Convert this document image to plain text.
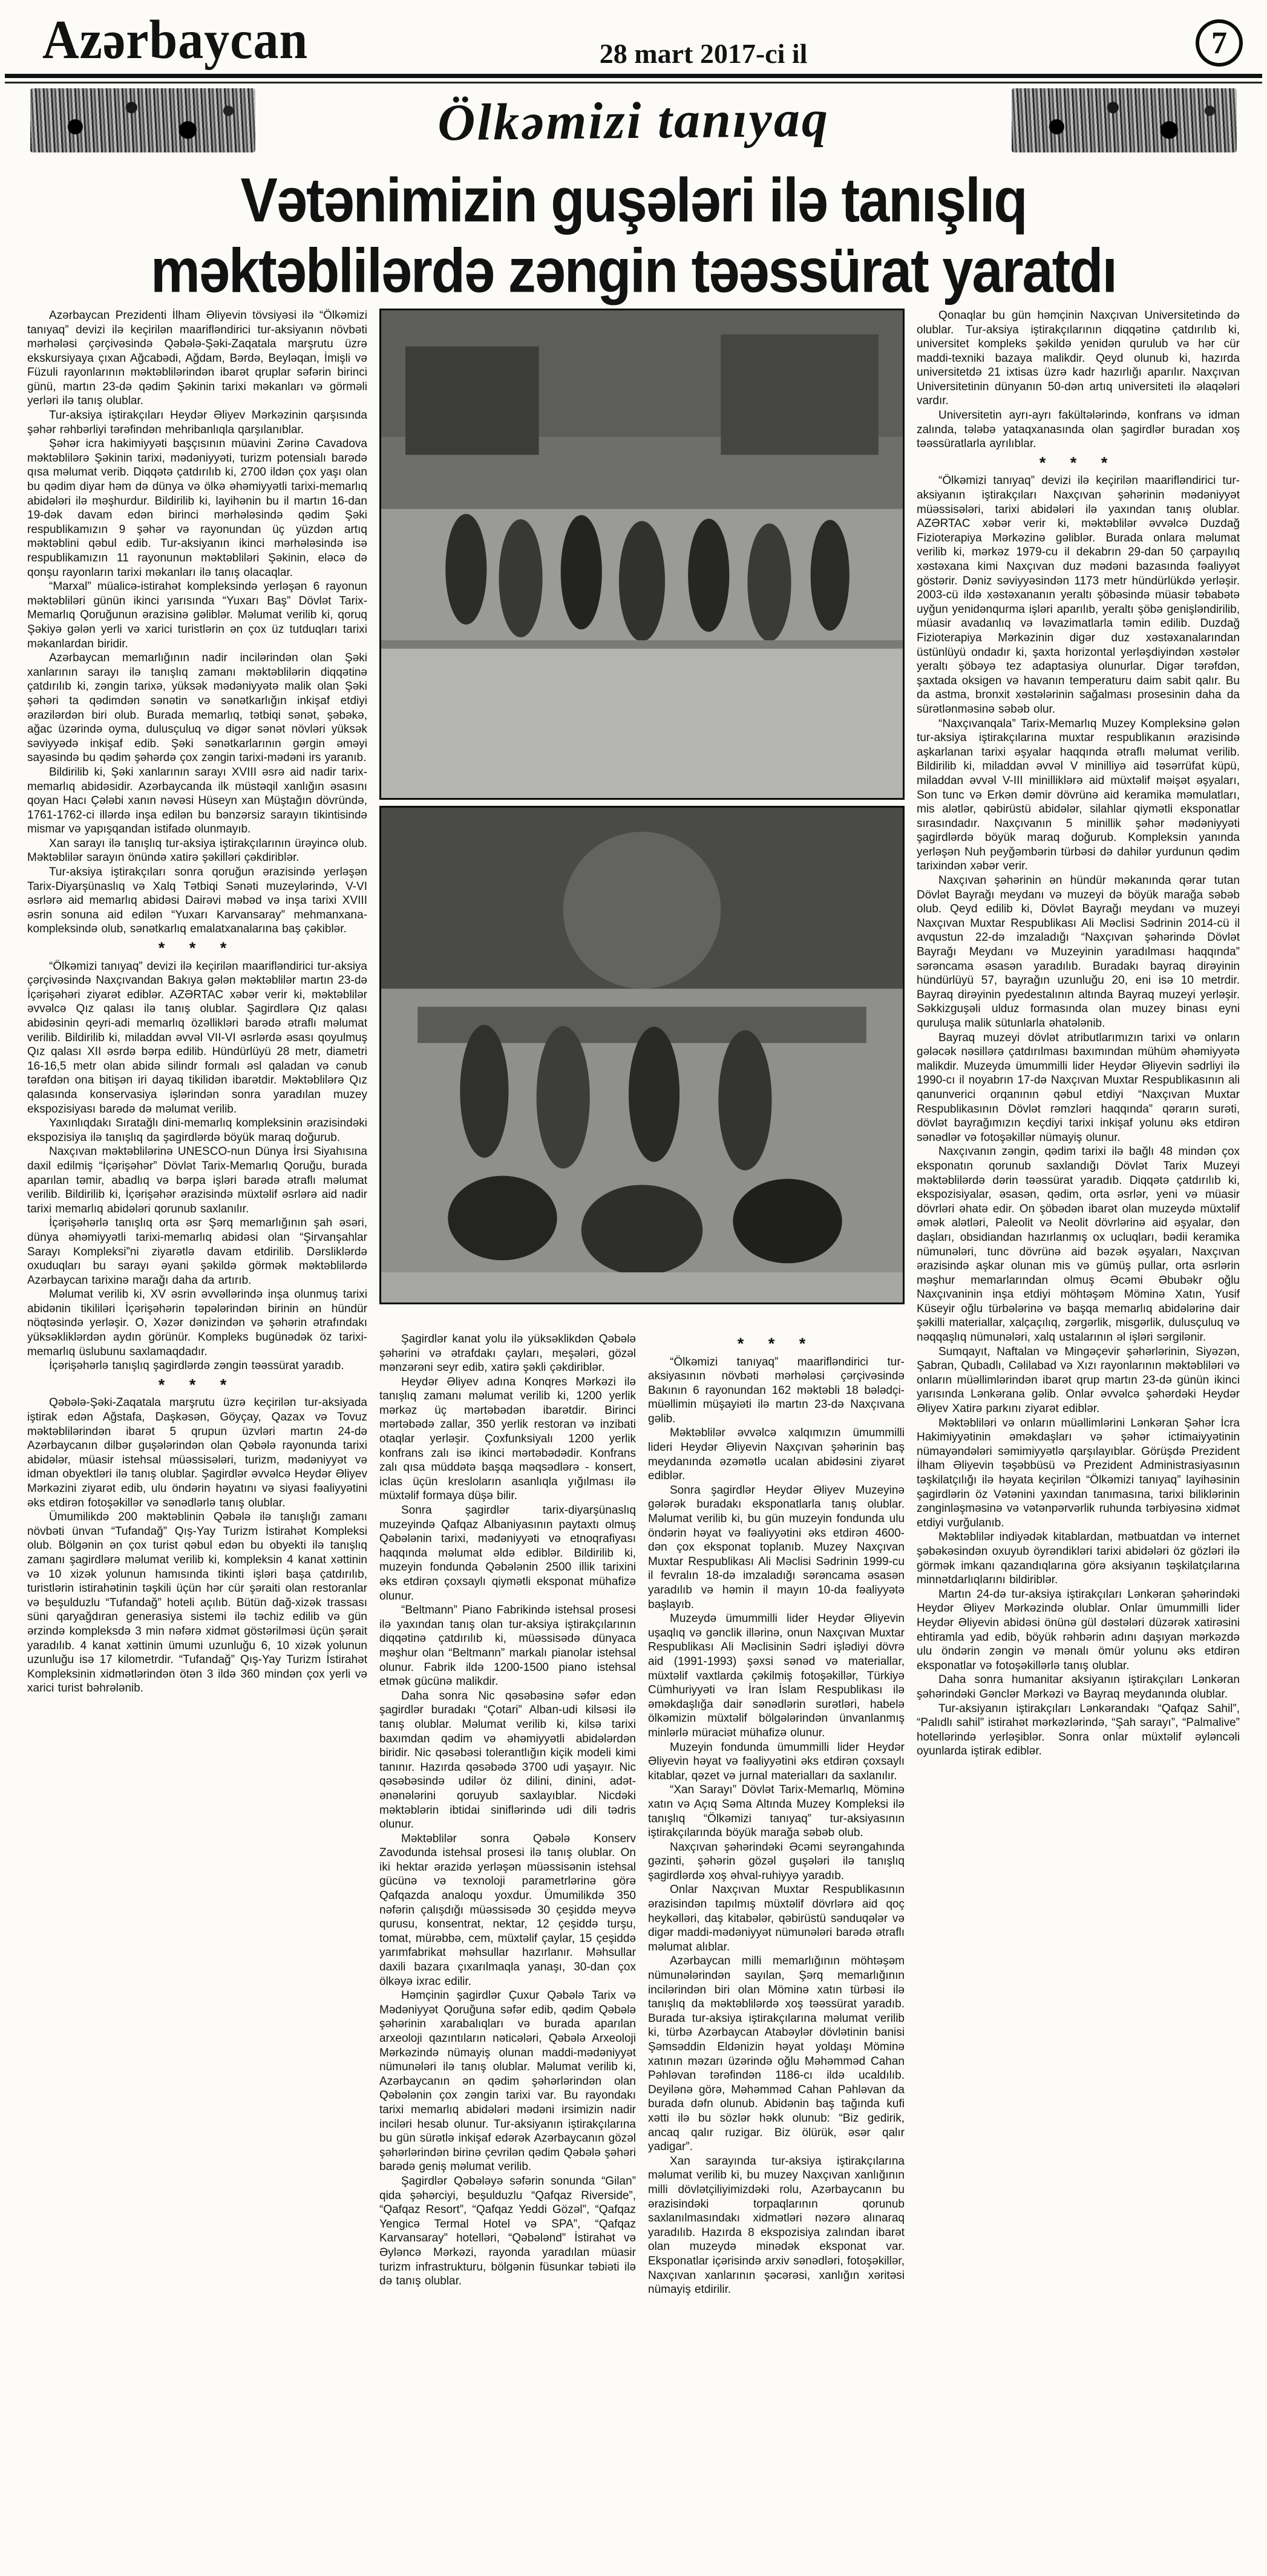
Azərbaycan	28 mart 2017-ci il	7
Ölkəmizi tanıyaq
Vətənimizin guşələri ilə tanışlıq
məktəblilərdə zəngin təəssürat yaratdı

Azərbaycan Prezidenti İlham Əliyevin tövsiyəsi ilə “Ölkəmizi tanıyaq” devizi ilə keçirilən maarifləndirici tur-aksiyanın növbəti mərhələsi çərçivəsində Qəbələ-Şəki-Zaqatala marşrutu üzrə ekskursiyaya çıxan Ağcabədi, Ağdam, Bərdə, Beyləqan, İmişli və Füzuli rayonlarının məktəblilərindən ibarət qruplar səfərin birinci günü, martın 23-də qədim Şəkinin tarixi məkanları və görməli yerləri ilə tanış olublar.

Tur-aksiya iştirakçıları Heydər Əliyev Mərkəzinin qarşısında şəhər rəhbərliyi tərəfindən mehribanlıqla qarşılanıblar.

Şəhər icra hakimiyyəti başçısının müavini Zərinə Cavadova məktəblilərə Şəkinin tarixi, mədəniyyəti, turizm potensialı barədə qısa məlumat verib. Diqqətə çatdırılıb ki, 2700 ildən çox yaşı olan bu qədim diyar həm də dünya və ölkə əhəmiyyətli tarixi-memarlıq abidələri ilə məşhurdur. Bildirilib ki, layihənin bu il martın 16-dan 19-dək davam edən birinci mərhələsində qədim Şəki respublikamızın 9 şəhər və rayonundan üç yüzdən artıq məktəblini qəbul edib. Tur-aksiyanın ikinci mərhələsində isə respublikamızın 11 rayonunun məktəbliləri Şəkinin, eləcə də qonşu rayonların tarixi məkanları ilə tanış olacaqlar.

“Marxal” müalicə-istirahət kompleksində yerləşən 6 rayonun məktəbliləri günün ikinci yarısında “Yuxarı Baş” Dövlət Tarix-Memarlıq Qoruğunun ərazisinə gəliblər. Məlumat verilib ki, qoruq Şəkiyə gələn yerli və xarici turistlərin ən çox üz tutduqları tarixi məkanlardan biridir.

Azərbaycan memarlığının nadir incilərindən olan Şəki xanlarının sarayı ilə tanışlıq zamanı məktəblilərin diqqətinə çatdırılıb ki, zəngin tarixə, yüksək mədəniyyətə malik olan Şəki şəhəri ta qədimdən sənətin və sənətkarlığın inkişaf etdiyi ərazilərdən biri olub. Burada memarlıq, tətbiqi sənət, şəbəkə, ağac üzərində oyma, dulusçuluq və digər sənət növləri yüksək səviyyədə inkişaf edib. Şəki sənətkarlarının gərgin əməyi sayəsində bu qədim şəhərdə çox zəngin tarixi-mədəni irs yaranıb.

Bildirilib ki, Şəki xanlarının sarayı XVIII əsrə aid nadir tarix-memarlıq abidəsidir. Azərbaycanda ilk müstəqil xanlığın əsasını qoyan Hacı Çələbi xanın nəvəsi Hüseyn xan Müştağın dövründə, 1761-1762-ci illərdə inşa edilən bu bənzərsiz sarayın tikintisində mismar və yapışqandan istifadə olunmayıb.

Xan sarayı ilə tanışlıq tur-aksiya iştirakçılarının ürəyincə olub. Məktəblilər sarayın önündə xatirə şəkilləri çəkdiriblər.

Tur-aksiya iştirakçıları sonra qoruğun ərazisində yerləşən Tarix-Diyarşünaslıq və Xalq Tətbiqi Sənəti muzeylərində, V-VI əsrlərə aid memarlıq abidəsi Dairəvi məbəd və inşa tarixi XVIII əsrin sonuna aid edilən “Yuxarı Karvansaray” mehmanxana-kompleksində olub, sənətkarlıq emalatxanalarına baş çəkiblər.

* * *

“Ölkəmizi tanıyaq” devizi ilə keçirilən maarifləndirici tur-aksiya çərçivəsində Naxçıvandan Bakıya gələn məktəblilər martın 23-də İçərişəhəri ziyarət ediblər. AZƏRTAC xəbər verir ki, məktəblilər əvvəlcə Qız qalası ilə tanış olublar. Şagirdlərə Qız qalası abidəsinin qeyri-adi memarlıq özəllikləri barədə ətraflı məlumat verilib. Bildirilib ki, miladdan əvvəl VII-VI əsrlərdə əsası qoyulmuş Qız qalası XII əsrdə bərpa edilib. Hündürlüyü 28 metr, diametri 16-16,5 metr olan abidə silindr formalı əsl qaladan və cənub tərəfdən ona bitişən iri dayaq tikilidən ibarətdir. Məktəblilərə Qız qalasında konservasiya işlərindən sonra yaradılan muzey ekspozisiyası barədə də məlumat verilib.

Yaxınlıqdakı Sıratağlı dini-memarlıq kompleksinin ərazisindəki ekspozisiya ilə tanışlıq da şagirdlərdə böyük maraq doğurub.

Naxçıvan məktəblilərinə UNESCO-nun Dünya İrsi Siyahısına daxil edilmiş “İçərişəhər” Dövlət Tarix-Memarlıq Qoruğu, burada aparılan təmir, abadlıq və bərpa işləri barədə ətraflı məlumat verilib. Bildirilib ki, İçərişəhər ərazisində müxtəlif əsrlərə aid nadir tarixi memarlıq abidələri qorunub saxlanılır.

İçərişəhərlə tanışlıq orta əsr Şərq memarlığının şah əsəri, dünya əhəmiyyətli tarixi-memarlıq abidəsi olan “Şirvanşahlar Sarayı Kompleksi”ni ziyarətlə davam etdirilib. Dərsliklərdə oxuduqları bu sarayı əyani şəkildə görmək məktəblilərdə Azərbaycan tarixinə marağı daha da artırıb.

Məlumat verilib ki, XV əsrin əvvəllərində inşa olunmuş tarixi abidənin tikililəri İçərişəhərin təpələrindən birinin ən hündür nöqtəsində yerləşir. O, Xəzər dənizindən və şəhərin ətrafındakı yüksəkliklərdən aydın görünür. Kompleks bugünədək öz tarixi-memarlıq üslubunu saxlamaqdadır.

İçərişəhərlə tanışlıq şagirdlərdə zəngin təəssürat yaradıb.

* * *

Qəbələ-Şəki-Zaqatala marşrutu üzrə keçirilən tur-aksiyada iştirak edən Ağstafa, Daşkəsən, Göyçay, Qazax və Tovuz məktəblilərindən ibarət 5 qrupun üzvləri martın 24-də Azərbaycanın dilbər guşələrindən olan Qəbələ rayonunda tarixi abidələr, müasir istehsal müəssisələri, turizm, mədəniyyət və idman obyektləri ilə tanış olublar. Şagirdlər əvvəlcə Heydər Əliyev Mərkəzini ziyarət edib, ulu öndərin həyatını və siyasi fəaliyyətini əks etdirən fotoşəkillər və sənədlərlə tanış olublar.

Ümumilikdə 200 məktəblinin Qəbələ ilə tanışlığı zamanı növbəti ünvan “Tufandağ” Qış-Yay Turizm İstirahət Kompleksi olub. Bölgənin ən çox turist qəbul edən bu obyekti ilə tanışlıq zamanı şagirdlərə məlumat verilib ki, kompleksin 4 kanat xəttinin və 10 xizək yolunun hamısında tikinti işləri başa çatdırılıb, turistlərin istirahətinin təşkili üçün hər cür şəraiti olan restoranlar və beşulduzlu “Tufandağ” hoteli açılıb. Bütün dağ-xizək trassası süni qaryağdıran generasiya sistemi ilə təchiz edilib və gün ərzində kompleksdə 3 min nəfərə xidmət göstərilməsi üçün şərait yaradılıb. 4 kanat xəttinin ümumi uzunluğu 6, 10 xizək yolunun uzunluğu isə 17 kilometrdir. “Tufandağ” Qış-Yay Turizm İstirahət Kompleksinin xidmətlərindən ötən 3 ildə 360 mindən çox yerli və xarici turist bəhrələnib.

Şagirdlər kanat yolu ilə yüksəklikdən Qəbələ şəhərini və ətrafdakı çayları, meşələri, gözəl mənzərəni seyr edib, xatirə şəkli çəkdiriblər.

Heydər Əliyev adına Konqres Mərkəzi ilə tanışlıq zamanı məlumat verilib ki, 1200 yerlik mərkəz üç mərtəbədən ibarətdir. Birinci mərtəbədə zallar, 350 yerlik restoran və inzibati otaqlar yerləşir. Çoxfunksiyalı 1200 yerlik konfrans zalı isə ikinci mərtəbədədir. Konfrans zalı qısa müddətə başqa məqsədlərə - konsert, iclas üçün kresloların asanlıqla yığılması ilə müxtəlif formaya düşə bilir.

Sonra şagirdlər tarix-diyarşünaslıq muzeyində Qafqaz Albaniyasının paytaxtı olmuş Qəbələnin tarixi, mədəniyyəti və etnoqrafiyası haqqında məlumat əldə ediblər. Bildirilib ki, muzeyin fondunda Qəbələnin 2500 illik tarixini əks etdirən çoxsaylı qiymətli eksponat mühafizə olunur.

“Beltmann” Piano Fabrikində istehsal prosesi ilə yaxından tanış olan tur-aksiya iştirakçılarının diqqətinə çatdırılıb ki, müəssisədə dünyaca məşhur olan “Beltmann” markalı pianolar istehsal olunur. Fabrik ildə 1200-1500 piano istehsal etmək gücünə malikdir.

Daha sonra Nic qəsəbəsinə səfər edən şagirdlər buradakı “Çotari” Alban-udi kilsəsi ilə tanış olublar. Məlumat verilib ki, kilsə tarixi baxımdan qədim və əhəmiyyətli abidələrdən biridir. Nic qəsəbəsi tolerantlığın kiçik modeli kimi tanınır. Hazırda qəsəbədə 3700 udi yaşayır. Nic qəsəbəsində udilər öz dilini, dinini, adət-ənənələrini qoruyub saxlayıblar. Nicdəki məktəblərin ibtidai siniflərində udi dili tədris olunur.

Məktəblilər sonra Qəbələ Konserv Zavodunda istehsal prosesi ilə tanış olublar. On iki hektar ərazidə yerləşən müəssisənin istehsal gücünə və texnoloji parametrlərinə görə Qafqazda analoqu yoxdur. Ümumilikdə 350 nəfərin çalışdığı müəssisədə 30 çeşiddə meyvə qurusu, konsentrat, nektar, 12 çeşiddə turşu, tomat, mürəbbə, cem, müxtəlif çaylar, 15 çeşiddə yarımfabrikat məhsullar hazırlanır. Məhsullar daxili bazara çıxarılmaqla yanaşı, 30-dan çox ölkəyə ixrac edilir.

Həmçinin şagirdlər Çuxur Qəbələ Tarix və Mədəniyyət Qoruğuna səfər edib, qədim Qəbələ şəhərinin xarabalıqları və burada aparılan arxeoloji qazıntıların nəticələri, Qəbələ Arxeoloji Mərkəzində nümayiş olunan maddi-mədəniyyət nümunələri ilə tanış olublar. Məlumat verilib ki, Azərbaycanın ən qədim şəhərlərindən olan Qəbələnin çox zəngin tarixi var. Bu rayondakı tarixi memarlıq abidələri mədəni irsimizin nadir inciləri hesab olunur. Tur-aksiyanın iştirakçılarına bu gün sürətlə inkişaf edərək Azərbaycanın gözəl şəhərlərindən birinə çevrilən qədim Qəbələ şəhəri barədə geniş məlumat verilib.

Şagirdlər Qəbələyə səfərin sonunda “Gilan” qida şəhərciyi, beşulduzlu “Qafqaz Riverside”, “Qafqaz Resort”, “Qafqaz Yeddi Gözəl”, “Qafqaz Yengicə Termal Hotel və SPA”, “Qafqaz Karvansaray” hotelləri, “Qəbələnd” İstirahət və Əyləncə Mərkəzi, rayonda yaradılan müasir turizm infrastrukturu, bölgənin füsunkar təbiəti ilə də tanış olublar.

* * *

“Ölkəmizi tanıyaq” maarifləndirici tur-aksiyasının növbəti mərhələsi çərçivəsində Bakının 6 rayonundan 162 məktəbli 18 bələdçi-müəllimin müşayiəti ilə martın 23-də Naxçıvana gəlib.

Məktəblilər əvvəlcə xalqımızın ümummilli lideri Heydər Əliyevin Naxçıvan şəhərinin baş meydanında əzəmətlə ucalan abidəsini ziyarət ediblər.

Sonra şagirdlər Heydər Əliyev Muzeyinə gələrək buradakı eksponatlarla tanış olublar. Məlumat verilib ki, bu gün muzeyin fondunda ulu öndərin həyat və fəaliyyətini əks etdirən 4600-dən çox eksponat toplanıb. Muzey Naxçıvan Muxtar Respublikası Ali Məclisi Sədrinin 1999-cu il fevralın 18-də imzaladığı sərəncama əsasən yaradılıb və həmin il mayın 10-da fəaliyyətə başlayıb.

Muzeydə ümummilli lider Heydər Əliyevin uşaqlıq və gənclik illərinə, onun Naxçıvan Muxtar Respublikası Ali Məclisinin Sədri işlədiyi dövrə aid (1991-1993) şəxsi sənəd və materiallar, müxtəlif vaxtlarda çəkilmiş fotoşəkillər, Türkiyə Cümhuriyyəti və İran İslam Respublikası ilə əməkdaşlığa dair sənədlərin surətləri, habelə ölkəmizin müxtəlif bölgələrindən ünvanlanmış minlərlə müraciət mühafizə olunur.

Muzeyin fondunda ümummilli lider Heydər Əliyevin həyat və fəaliyyətini əks etdirən çoxsaylı kitablar, qəzet və jurnal materialları da saxlanılır.

“Xan Sarayı” Dövlət Tarix-Memarlıq, Möminə xatın və Açıq Səma Altında Muzey Kompleksi ilə tanışlıq “Ölkəmizi tanıyaq” tur-aksiyasının iştirakçılarında böyük marağa səbəb olub.

Naxçıvan şəhərindəki Əcəmi seyrəngahında gəzinti, şəhərin gözəl guşələri ilə tanışlıq şagirdlərdə xoş əhval-ruhiyyə yaradıb.

Onlar Naxçıvan Muxtar Respublikasının ərazisindən tapılmış müxtəlif dövrlərə aid qoç heykəlləri, daş kitabələr, qəbirüstü sənduqələr və digər maddi-mədəniyyət nümunələri barədə ətraflı məlumat alıblar.

Azərbaycan milli memarlığının möhtəşəm nümunələrindən sayılan, Şərq memarlığının incilərindən biri olan Möminə xatın türbəsi ilə tanışlıq da məktəblilərdə xoş təəssürat yaradıb. Burada tur-aksiya iştirakçılarına məlumat verilib ki, türbə Azərbaycan Atabəylər dövlətinin banisi Şəmsəddin Eldənizin həyat yoldaşı Möminə xatının məzarı üzərində oğlu Məhəmməd Cahan Pəhləvan tərəfindən 1186-cı ildə ucaldılıb. Deyilənə görə, Məhəmməd Cahan Pəhləvan da burada dəfn olunub. Abidənin baş tağında kufi xətti ilə bu sözlər həkk olunub: “Biz gedirik, ancaq qalır ruzigar. Biz ölürük, əsər qalır yadigar”.

Xan sarayında tur-aksiya iştirakçılarına məlumat verilib ki, bu muzey Naxçıvan xanlığının milli dövlətçiliyimizdəki rolu, Azərbaycanın bu ərazisindəki torpaqlarının qorunub saxlanılmasındakı xidmətləri nəzərə alınaraq yaradılıb. Hazırda 8 ekspozisiya zalından ibarət olan muzeydə minədək eksponat var. Eksponatlar içərisində arxiv sənədləri, fotoşəkillər, Naxçıvan xanlarının şəcərəsi, xanlığın xəritəsi nümayiş etdirilir.

Qonaqlar bu gün həmçinin Naxçıvan Universitetində də olublar. Tur-aksiya iştirakçılarının diqqətinə çatdırılıb ki, universitet kompleks şəkildə yenidən qurulub və hər cür maddi-texniki bazaya malikdir. Qeyd olunub ki, hazırda universitetdə 21 ixtisas üzrə kadr hazırlığı aparılır. Naxçıvan Universitetinin dünyanın 50-dən artıq universiteti ilə əlaqələri vardır.

Universitetin ayrı-ayrı fakültələrində, konfrans və idman zalında, tələbə yataqxanasında olan şagirdlər buradan xoş təəssüratlarla ayrılıblar.

* * *

“Ölkəmizi tanıyaq” devizi ilə keçirilən maarifləndirici tur-aksiyanın iştirakçıları Naxçıvan şəhərinin mədəniyyət müəssisələri, tarixi abidələri ilə yaxından tanış olublar. AZƏRTAC xəbər verir ki, məktəblilər əvvəlcə Duzdağ Fizioterapiya Mərkəzinə gəliblər. Burada onlara məlumat verilib ki, mərkəz 1979-cu il dekabrın 29-dan 50 çarpayılıq xəstəxana kimi Naxçıvan duz mədəni bazasında fəaliyyət göstərir. Dəniz səviyyəsindən 1173 metr hündürlükdə yerləşir. 2003-cü ildə xəstəxananın yeraltı şöbəsində müasir təbabətə uyğun yenidənqurma işləri aparılıb, yeraltı şöbə genişləndirilib, müasir avadanlıq və ləvazimatlarla təmin edilib. Duzdağ Fizioterapiya Mərkəzinin digər duz xəstəxanalarından üstünlüyü ondadır ki, şaxta horizontal yerləşdiyindən xəstələr yeraltı şöbəyə tez adaptasiya olunurlar. Digər tərəfdən, şaxtada oksigen və havanın temperaturu daim sabit qalır. Bu da astma, bronxit xəstələrinin sağalması prosesinin daha da sürətlənməsinə səbəb olur.

“Naxçıvanqala” Tarix-Memarlıq Muzey Kompleksinə gələn tur-aksiya iştirakçılarına muxtar respublikanın ərazisində aşkarlanan tarixi əşyalar haqqında ətraflı məlumat verilib. Bildirilib ki, miladdan əvvəl V minilliyə aid təsərrüfat küpü, miladdan əvvəl V-III minilliklərə aid müxtəlif məişət əşyaları, Son tunc və Erkən dəmir dövrünə aid keramika məmulatları, mis alətlər, qəbirüstü abidələr, silahlar qiymətli eksponatlar sırasındadır. Naxçıvanın 5 minillik şəhər mədəniyyəti şagirdlərdə böyük maraq doğurub. Kompleksin yanında yerləşən Nuh peyğəmbərin türbəsi də dahilər yurdunun qədim tarixindən xəbər verir.

Naxçıvan şəhərinin ən hündür məkanında qərar tutan Dövlət Bayrağı meydanı və muzeyi də böyük marağa səbəb olub. Qeyd edilib ki, Dövlət Bayrağı meydanı və muzeyi Naxçıvan Muxtar Respublikası Ali Məclisi Sədrinin 2014-cü il avqustun 22-də imzaladığı “Naxçıvan şəhərində Dövlət Bayrağı Meydanı və Muzeyinin yaradılması haqqında” sərəncama əsasən yaradılıb. Buradakı bayraq dirəyinin hündürlüyü 57, bayrağın uzunluğu 20, eni isə 10 metrdir. Bayraq dirəyinin pyedestalının altında Bayraq muzeyi yerləşir. Səkkizguşəli ulduz formasında olan muzey binası eyni quruluşa malik sütunlarla əhatələnib.

Bayraq muzeyi dövlət atributlarımızın tarixi və onların gələcək nəsillərə çatdırılması baxımından mühüm əhəmiyyətə malikdir. Muzeydə ümummilli lider Heydər Əliyevin sədrliyi ilə 1990-cı il noyabrın 17-də Naxçıvan Muxtar Respublikasının ali qanunverici orqanının qəbul etdiyi “Naxçıvan Muxtar Respublikasının Dövlət rəmzləri haqqında” qərarın surəti, dövlət bayrağımızın keçdiyi tarixi inkişaf yolunu əks etdirən sənədlər və fotoşəkillər nümayiş olunur.

Naxçıvanın zəngin, qədim tarixi ilə bağlı 48 mindən çox eksponatın qorunub saxlandığı Dövlət Tarix Muzeyi məktəblilərdə dərin təəssürat yaradıb. Diqqətə çatdırılıb ki, ekspozisiyalar, əsasən, qədim, orta əsrlər, yeni və müasir dövrləri əhatə edir. On şöbədən ibarət olan muzeydə müxtəlif əmək alətləri, Paleolit və Neolit dövrlərinə aid əşyalar, dən daşları, obsidiandan hazırlanmış ox ucluqları, bədii keramika nümunələri, tunc dövrünə aid bəzək əşyaları, Naxçıvan ərazisində aşkar olunan mis və gümüş pullar, orta əsrlərin məşhur memarlarından olmuş Əcəmi Əbubəkr oğlu Naxçıvaninin inşa etdiyi möhtəşəm Möminə Xatın, Yusif Küseyir oğlu türbələrinə və başqa memarlıq abidələrinə dair şəkilli materiallar, xalçaçılıq, zərgərlik, misgərlik, dulusçuluq və nəqqaşlıq nümunələri, xalq ustalarının əl işləri sərgilənir.

Sumqayıt, Naftalan və Mingəçevir şəhərlərinin, Siyəzən, Şabran, Qubadlı, Cəlilabad və Xızı rayonlarının məktəbliləri və onların müəllimlərindən ibarət qrup martın 23-də günün ikinci yarısında Lənkərana gəlib. Onlar əvvəlcə şəhərdəki Heydər Əliyev Xatirə parkını ziyarət ediblər.

Məktəbliləri və onların müəllimlərini Lənkəran Şəhər İcra Hakimiyyətinin əməkdaşları və şəhər ictimaiyyətinin nümayəndələri səmimiyyətlə qarşılayıblar. Görüşdə Prezident İlham Əliyevin təşəbbüsü və Prezident Administrasiyasının təşkilatçılığı ilə həyata keçirilən “Ölkəmizi tanıyaq” layihəsinin şagirdlərin öz Vətənini yaxından tanımasına, tarixi biliklərinin zənginləşməsinə və vətənpərvərlik ruhunda tərbiyəsinə xidmət etdiyi vurğulanıb.

Məktəblilər indiyədək kitablardan, mətbuatdan və internet şəbəkəsindən oxuyub öyrəndikləri tarixi abidələri öz gözləri ilə görmək imkanı qazandıqlarına görə aksiyanın təşkilatçılarına minnətdarlıqlarını bildiriblər.

Martın 24-də tur-aksiya iştirakçıları Lənkəran şəhərindəki Heydər Əliyev Mərkəzində olublar. Onlar ümummilli lider Heydər Əliyevin abidəsi önünə gül dəstələri düzərək xatirəsini ehtiramla yad edib, böyük rəhbərin adını daşıyan mərkəzdə ulu öndərin zəngin və mənalı ömür yolunu əks etdirən eksponatlar və fotoşəkillərlə tanış olublar.

Daha sonra humanitar aksiyanın iştirakçıları Lənkəran şəhərindəki Gənclər Mərkəzi və Bayraq meydanında olublar.

Tur-aksiyanın iştirakçıları Lənkərandakı “Qafqaz Sahil”, “Palıdlı sahil” istirahət mərkəzlərində, “Şah sarayı”, “Palmalive” hotellərində yerləşiblər. Sonra onlar müxtəlif əyləncəli oyunlarda iştirak ediblər.
